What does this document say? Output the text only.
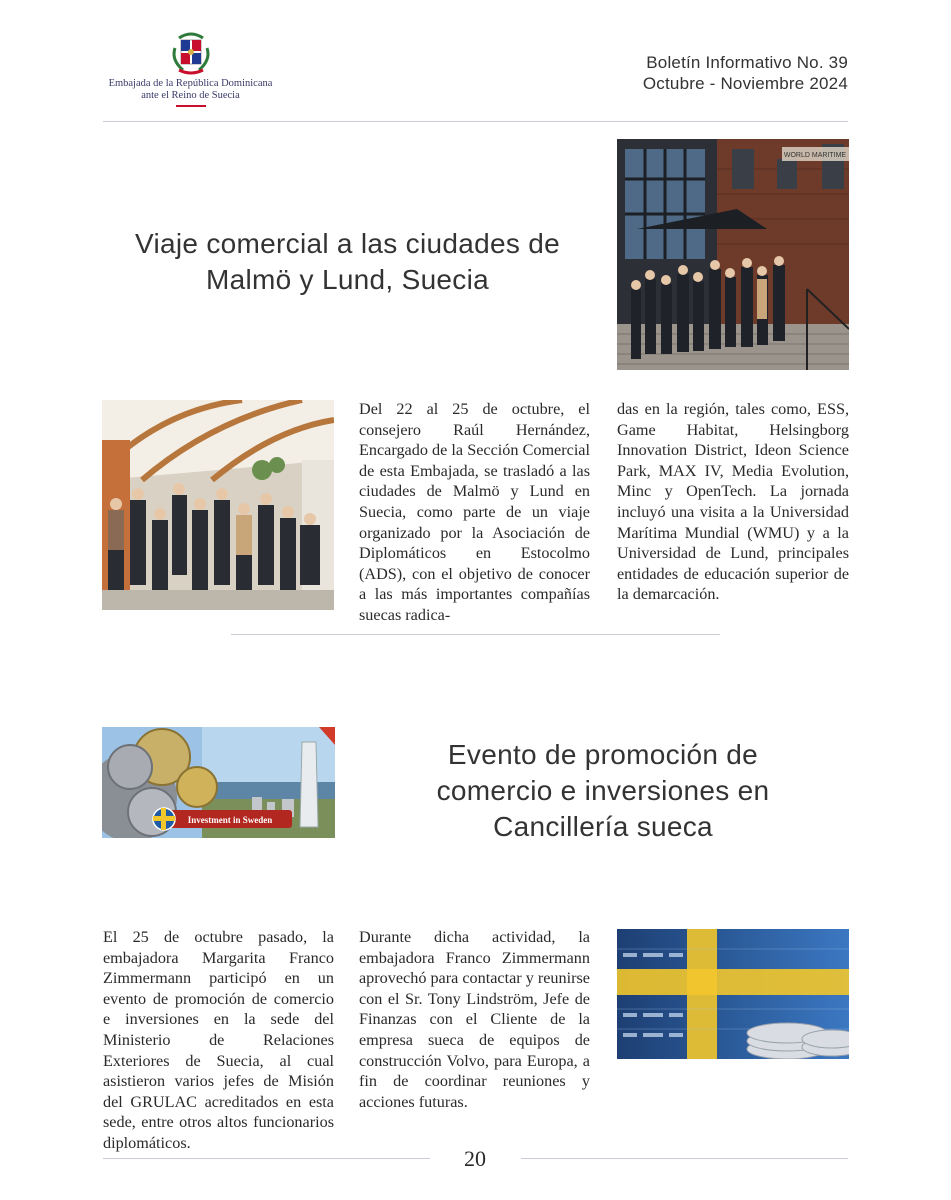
Embajada de la República Dominicana
ante el Reino de Suecia
Boletín Informativo No. 39
Octubre - Noviembre 2024
Viaje comercial a las ciudades de
Malmö y Lund, Suecia
WORLD MARITIME
Del 22 al 25 de octubre, el consejero Raúl Hernández, Encargado de la Sección Comercial de esta Embajada, se trasladó a las ciudades de Malmö y Lund en Suecia, como parte de un viaje organizado por la Asociación de Diplomáticos en Estocolmo (ADS), con el objetivo de conocer a las más importantes compañías suecas radica-
das en la región, tales como, ESS, Game Habitat, Helsingborg Innovation District, Ideon Science Park, MAX IV, Media Evolution, Minc y OpenTech. La jornada incluyó una visita a la Universidad Marítima Mundial (WMU) y a la Universidad de Lund, principales entidades de educación superior de la demarcación.
Investment in Sweden
Evento de promoción de
comercio e inversiones en
Cancillería sueca
El 25 de octubre pasado, la embajadora Margarita Franco Zimmermann participó en un evento de promoción de comercio e inversiones en la sede del Ministerio de Relaciones Exteriores de Suecia, al cual asistieron varios jefes de Misión del GRULAC acreditados en esta sede, entre otros altos funcionarios diplomáticos.
Durante dicha actividad, la embajadora Franco Zimmermann aprovechó para contactar y reunirse con el Sr. Tony Lindström, Jefe de Finanzas con el Cliente de la empresa sueca de equipos de construcción Volvo, para Europa, a fin de coordinar reuniones y acciones futuras.
20
